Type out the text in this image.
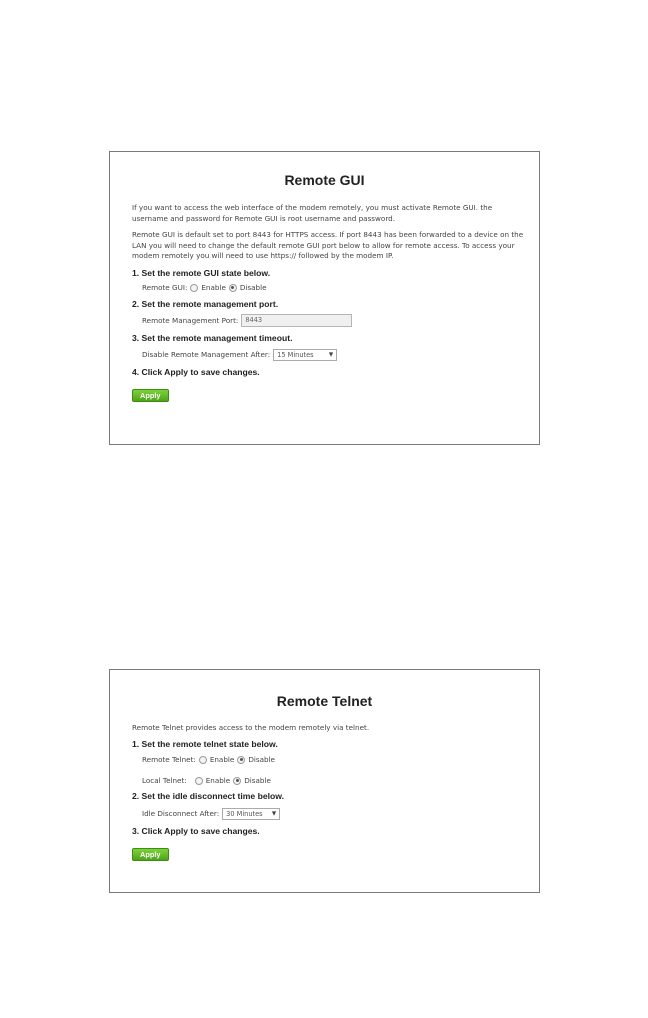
Remote GUI

If you want to access the web interface of the modem remotely, you must activate Remote GUI. the
username and password for Remote GUI is root username and password.

Remote GUI is default set to port 8443 for HTTPS access. If port 8443 has been forwarded to a device on the
LAN you will need to change the default remote GUI port below to allow for remote access. To access your
modem remotely you will need to use https:// followed by the modem IP.

1. Set the remote GUI state below.

Remote GUI: Enable Disable

2. Set the remote management port.

Remote Management Port:	8443

3. Set the remote management timeout.

Disable Remote Management After: 15 Minutes	▼

4. Click Apply to save changes.

Apply
Remote Telnet

Remote Telnet provides access to the modem remotely via telnet.

1. Set the remote telnet state below.

Remote Telnet: Enable Disable
Local Telnet:	Enable Disable

2. Set the idle disconnect time below.

Idle Disconnect After: 30 Minutes ▼

3. Click Apply to save changes.

Apply
